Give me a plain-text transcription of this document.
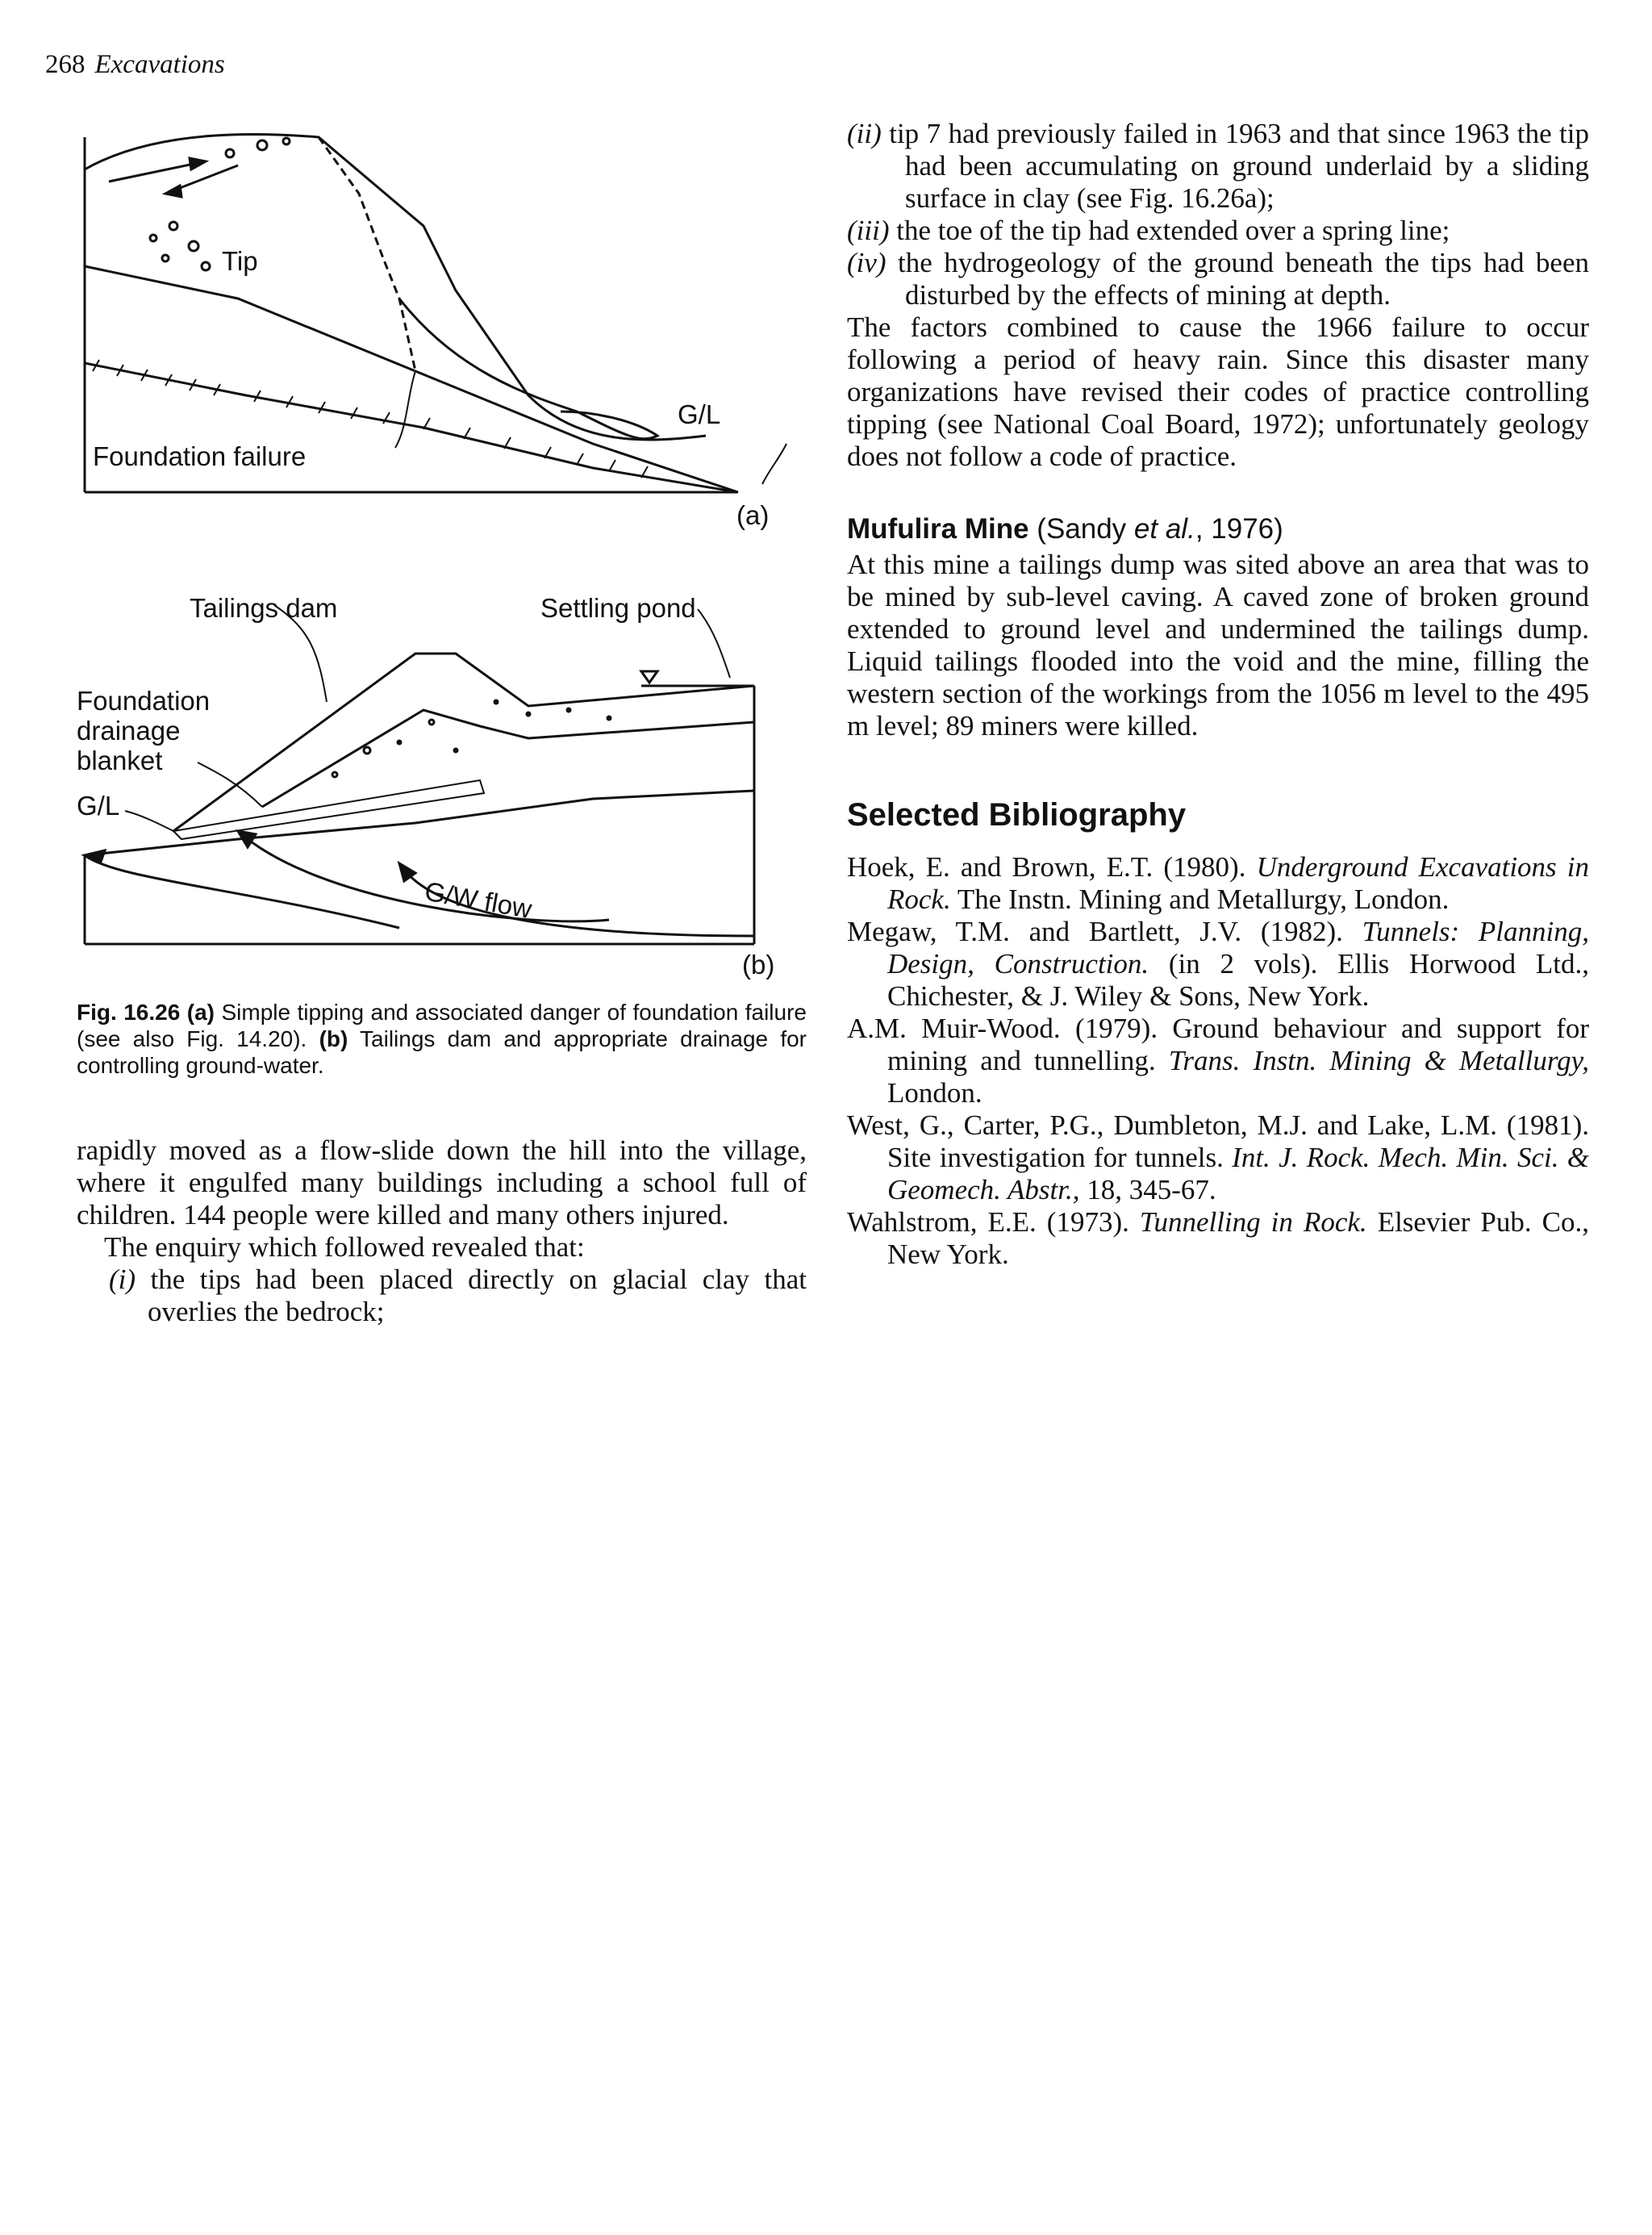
268 Excavations
Tip
Foundation failure
G/L
(a)
Tailings dam	Settling pond
Foundation
drainage
blanket
G/L
G/W flow
(b)
Fig. 16.26 (a) Simple tipping and associated danger of foundation failure (see also Fig. 14.20). (b) Tailings dam and appropriate drainage for controlling ground-water.
rapidly moved as a flow-slide down the hill into the village, where it engulfed many buildings including a school full of children. 144 people were killed and many others injured.
The enquiry which followed revealed that:
(i) the tips had been placed directly on glacial clay that overlies the bedrock;
(ii) tip 7 had previously failed in 1963 and that since 1963 the tip had been accumulating on ground underlaid by a sliding surface in clay (see Fig. 16.26a);
(iii) the toe of the tip had extended over a spring line;
(iv) the hydrogeology of the ground beneath the tips had been disturbed by the effects of mining at depth.
The factors combined to cause the 1966 failure to occur following a period of heavy rain. Since this disaster many organizations have revised their codes of practice controlling tipping (see National Coal Board, 1972); unfortunately geology does not follow a code of practice.
Mufulira Mine (Sandy et al., 1976)
At this mine a tailings dump was sited above an area that was to be mined by sub-level caving. A caved zone of broken ground extended to ground level and undermined the tailings dump. Liquid tailings flooded into the void and the mine, filling the western section of the workings from the 1056 m level to the 495 m level; 89 miners were killed.
Selected Bibliography
Hoek, E. and Brown, E.T. (1980). Underground Excavations in Rock. The Instn. Mining and Metallurgy, London.
Megaw, T.M. and Bartlett, J.V. (1982). Tunnels: Planning, Design, Construction. (in 2 vols). Ellis Horwood Ltd., Chichester, & J. Wiley & Sons, New York.
A.M. Muir-Wood. (1979). Ground behaviour and support for mining and tunnelling. Trans. Instn. Mining & Metallurgy, London.
West, G., Carter, P.G., Dumbleton, M.J. and Lake, L.M. (1981). Site investigation for tunnels. Int. J. Rock. Mech. Min. Sci. & Geomech. Abstr., 18, 345-67.
Wahlstrom, E.E. (1973). Tunnelling in Rock. Elsevier Pub. Co., New York.
